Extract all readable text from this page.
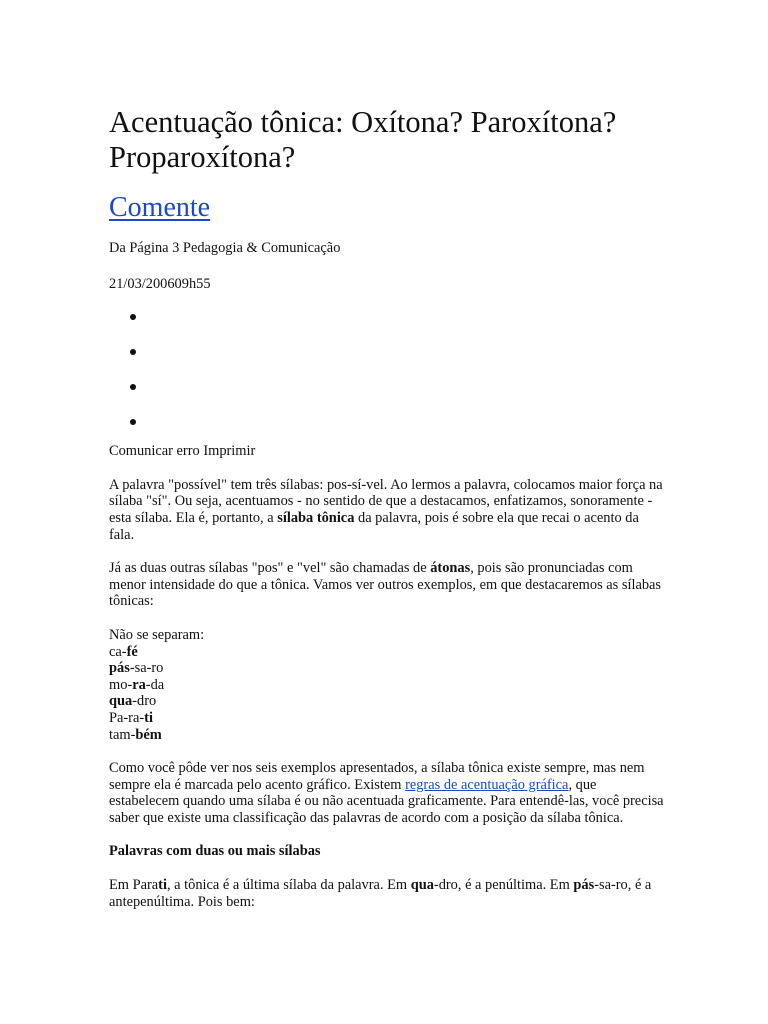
Acentuação tônica: Oxítona? Paroxítona? Proparoxítona?
Comente

Da Página 3 Pedagogia & Comunicação

21/03/200609h55

Comunicar erro Imprimir

A palavra "possível" tem três sílabas: pos-sí-vel. Ao lermos a palavra, colocamos maior força na sílaba "sí". Ou seja, acentuamos - no sentido de que a destacamos, enfatizamos, sonoramente - esta sílaba. Ela é, portanto, a sílaba tônica da palavra, pois é sobre ela que recai o acento da fala.

Já as duas outras sílabas "pos" e "vel" são chamadas de átonas, pois são pronunciadas com menor intensidade do que a tônica. Vamos ver outros exemplos, em que destacaremos as sílabas tônicas:

Não se separam:

ca-fé

pás-sa-ro

mo-ra-da

qua-dro

Pa-ra-ti

tam-bém

Como você pôde ver nos seis exemplos apresentados, a sílaba tônica existe sempre, mas nem sempre ela é marcada pelo acento gráfico. Existem regras de acentuação gráfica, que estabelecem quando uma sílaba é ou não acentuada graficamente. Para entendê-las, você precisa saber que existe uma classificação das palavras de acordo com a posição da sílaba tônica.

Palavras com duas ou mais sílabas

Em Parati, a tônica é a última sílaba da palavra. Em qua-dro, é a penúltima. Em pás-sa-ro, é a antepenúltima. Pois bem:
